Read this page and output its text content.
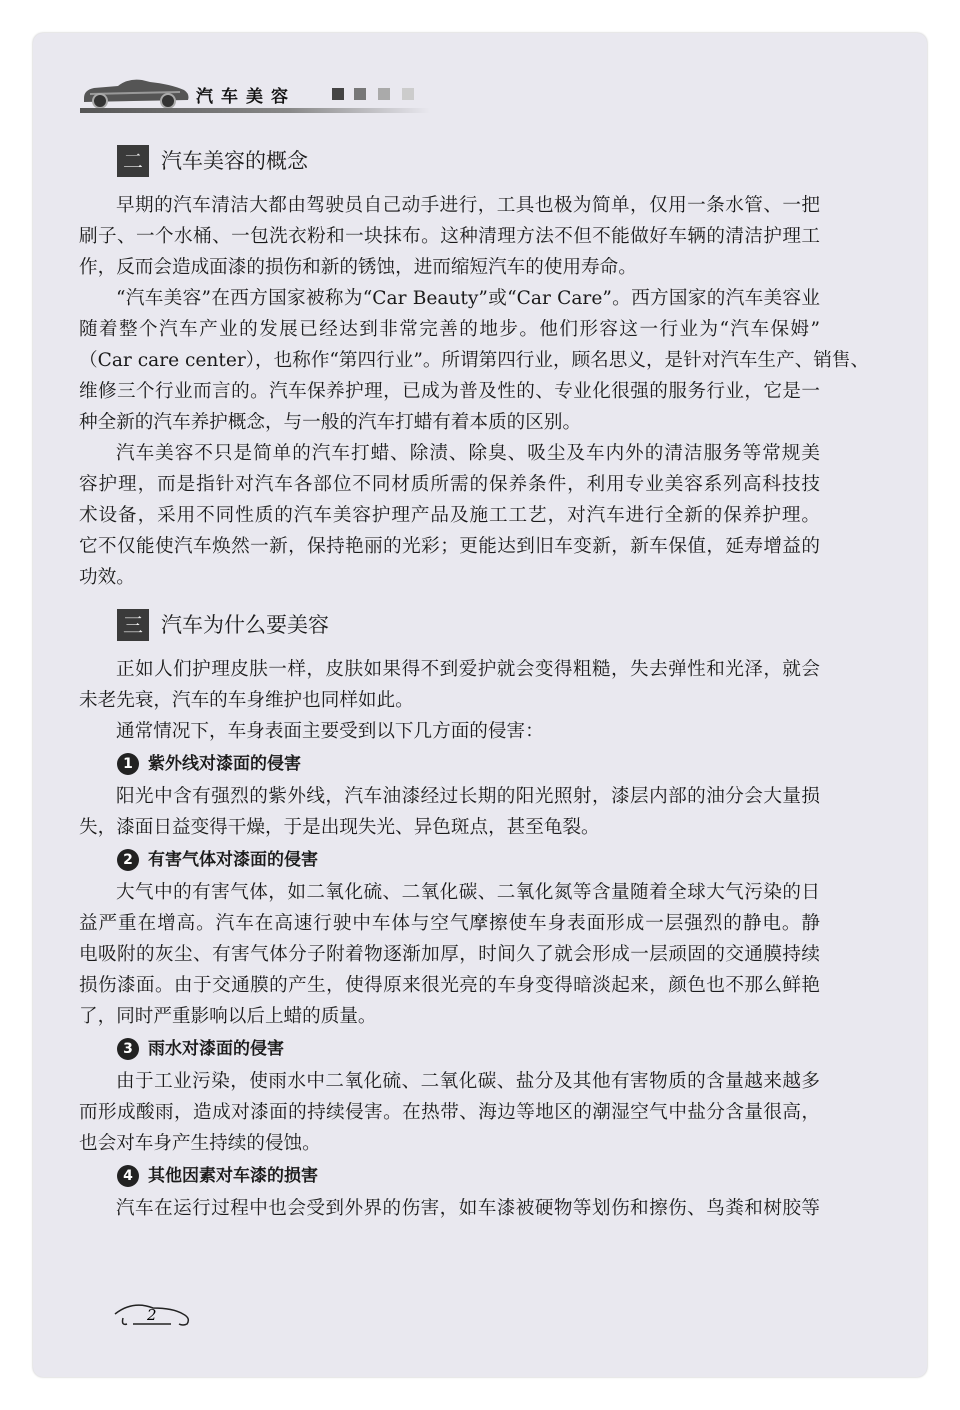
汽车美容
二 汽车美容的概念
早期的汽车清洁大都由驾驶员自己动手进行，工具也极为简单，仅用一条水管、一把
刷子、一个水桶、一包洗衣粉和一块抹布。这种清理方法不但不能做好车辆的清洁护理工
作，反而会造成面漆的损伤和新的锈蚀，进而缩短汽车的使用寿命。
“汽车美容”在西方国家被称为“Car Beauty”或“Car Care”。西方国家的汽车美容业
随着整个汽车产业的发展已经达到非常完善的地步。他们形容这一行业为“汽车保姆”
（Car care center），也称作“第四行业”。所谓第四行业，顾名思义，是针对汽车生产、销售、
维修三个行业而言的。汽车保养护理，已成为普及性的、专业化很强的服务行业，它是一
种全新的汽车养护概念，与一般的汽车打蜡有着本质的区别。
汽车美容不只是简单的汽车打蜡、除渍、除臭、吸尘及车内外的清洁服务等常规美
容护理，而是指针对汽车各部位不同材质所需的保养条件，利用专业美容系列高科技技
术设备，采用不同性质的汽车美容护理产品及施工工艺，对汽车进行全新的保养护理。
它不仅能使汽车焕然一新，保持艳丽的光彩；更能达到旧车变新，新车保值，延寿增益的
功效。
三 汽车为什么要美容
正如人们护理皮肤一样，皮肤如果得不到爱护就会变得粗糙，失去弹性和光泽，就会
未老先衰，汽车的车身维护也同样如此。
通常情况下，车身表面主要受到以下几方面的侵害：
1 紫外线对漆面的侵害
阳光中含有强烈的紫外线，汽车油漆经过长期的阳光照射，漆层内部的油分会大量损
失，漆面日益变得干燥，于是出现失光、异色斑点，甚至龟裂。
2 有害气体对漆面的侵害
大气中的有害气体，如二氧化硫、二氧化碳、二氧化氮等含量随着全球大气污染的日
益严重在增高。汽车在高速行驶中车体与空气摩擦使车身表面形成一层强烈的静电。静
电吸附的灰尘、有害气体分子附着物逐渐加厚，时间久了就会形成一层顽固的交通膜持续
损伤漆面。由于交通膜的产生，使得原来很光亮的车身变得暗淡起来，颜色也不那么鲜艳
了，同时严重影响以后上蜡的质量。
3 雨水对漆面的侵害
由于工业污染，使雨水中二氧化硫、二氧化碳、盐分及其他有害物质的含量越来越多
而形成酸雨，造成对漆面的持续侵害。在热带、海边等地区的潮湿空气中盐分含量很高，
也会对车身产生持续的侵蚀。
4 其他因素对车漆的损害
汽车在运行过程中也会受到外界的伤害，如车漆被硬物等划伤和擦伤、鸟粪和树胶等
2
